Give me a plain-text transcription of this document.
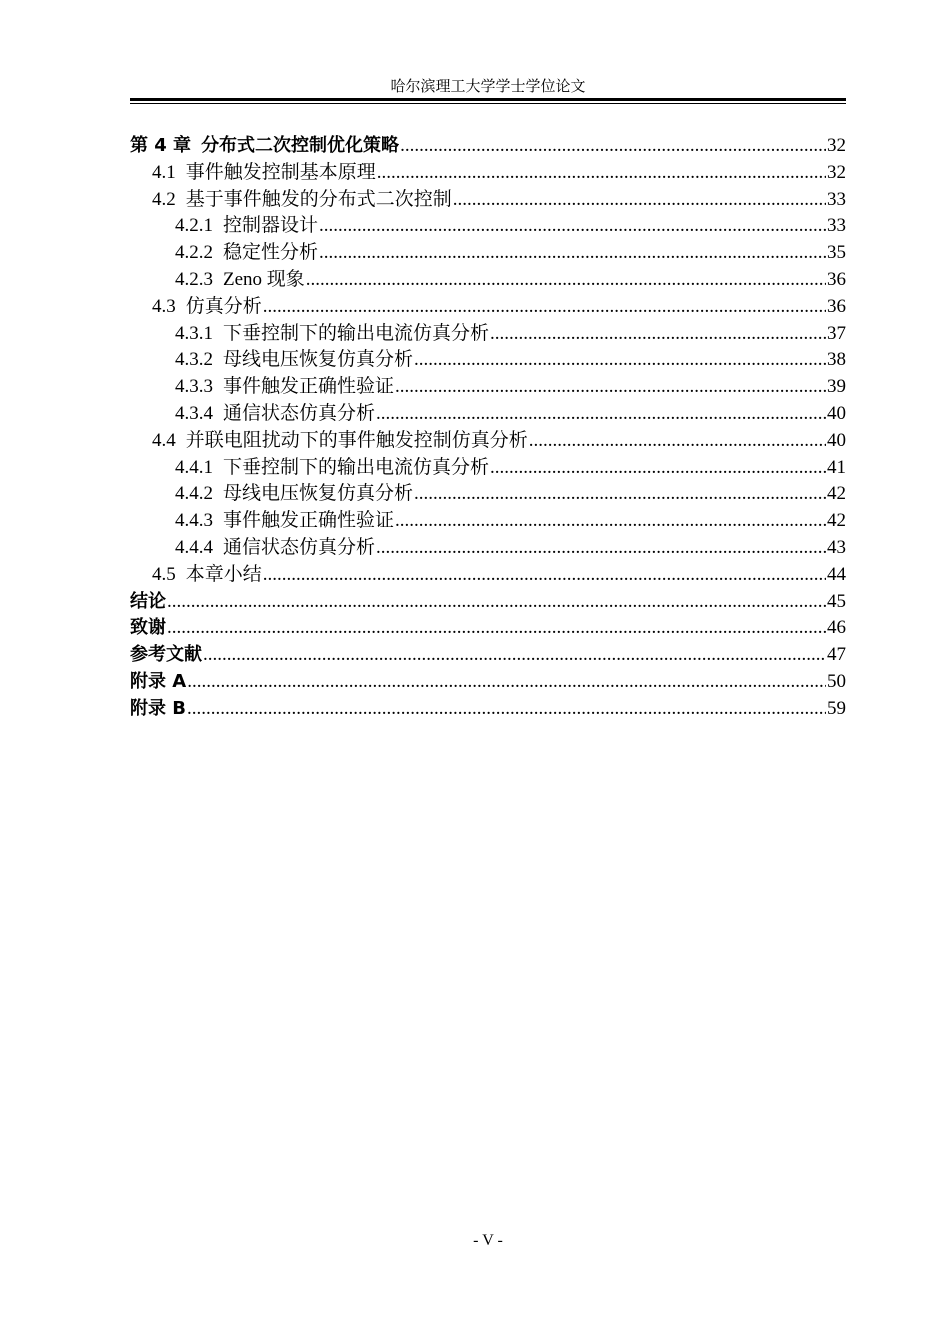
哈尔滨理工大学学士学位论文
第 4 章 分布式二次控制优化策略 .....	32
4.1 事件触发控制基本原理 .....	32
4.2 基于事件触发的分布式二次控制 .....	33
4.2.1 控制器设计 .....	33
4.2.2 稳定性分析 .....	35
4.2.3 Zeno 现象 .....	36
4.3 仿真分析 .....	36
4.3.1 下垂控制下的输出电流仿真分析 .....	37
4.3.2 母线电压恢复仿真分析 .....	38
4.3.3 事件触发正确性验证 .....	39
4.3.4 通信状态仿真分析 .....	40
4.4 并联电阻扰动下的事件触发控制仿真分析 .....	40
4.4.1 下垂控制下的输出电流仿真分析 .....	41
4.4.2 母线电压恢复仿真分析 .....	42
4.4.3 事件触发正确性验证 .....	42
4.4.4 通信状态仿真分析 .....	43
4.5 本章小结 .....	44
结论 .....	45
致谢 .....	46
参考文献 .....	47
附录 A .....	50
附录 B .....	59
- V -
